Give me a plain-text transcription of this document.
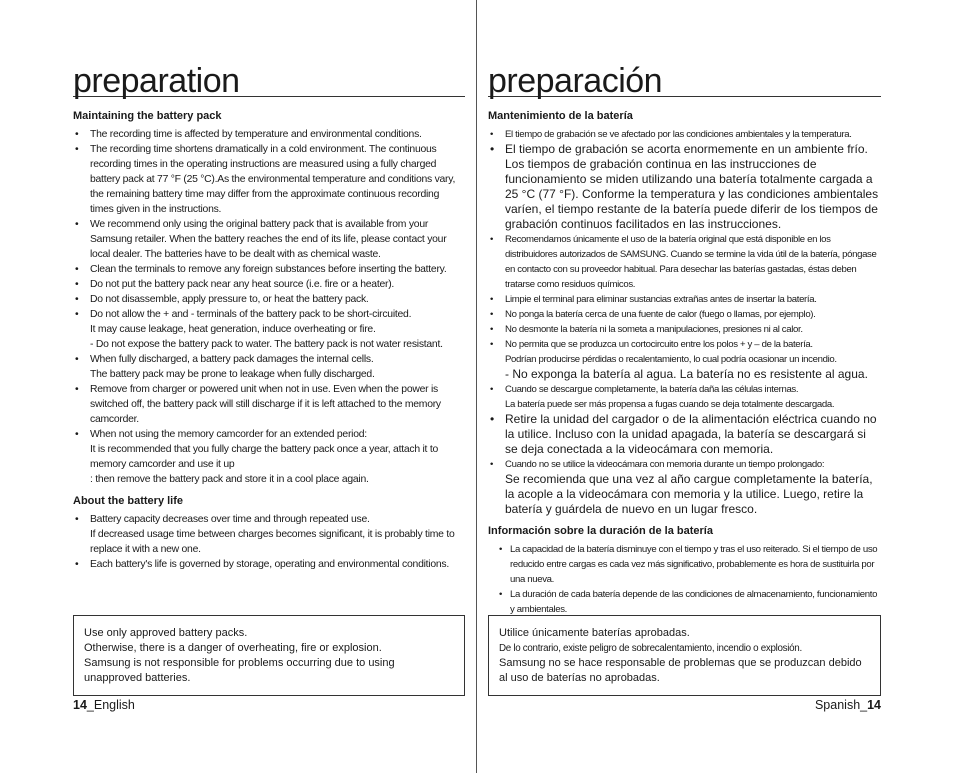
preparation
Maintaining the battery pack
• The recording time is affected by temperature and environmental conditions.
• The recording time shortens dramatically in a cold environment. The continuous recording times in the operating instructions are measured using a fully charged battery pack at 77 °F (25 °C).As the environmental temperature and conditions vary, the remaining battery time may differ from the approximate continuous recording times given in the instructions.
• We recommend only using the original battery pack that is available from your Samsung retailer. When the battery reaches the end of its life, please contact your local dealer. The batteries have to be dealt with as chemical waste.
• Clean the terminals to remove any foreign substances before inserting the battery.
• Do not put the battery pack near any heat source (i.e. fire or a heater).
• Do not disassemble, apply pressure to, or heat the battery pack.
• Do not allow the + and - terminals of the battery pack to be short-circuited.
It may cause leakage, heat generation, induce overheating or fire.
- Do not expose the battery pack to water. The battery pack is not water resistant.
• When fully discharged, a battery pack damages the internal cells.
The battery pack may be prone to leakage when fully discharged.
• Remove from charger or powered unit when not in use. Even when the power is switched off, the battery pack will still discharge if it is left attached to the memory camcorder.
• When not using the memory camcorder for an extended period:
It is recommended that you fully charge the battery pack once a year, attach it to memory camcorder and use it up
: then remove the battery pack and store it in a cool place again.
About the battery life
• Battery capacity decreases over time and through repeated use.
If decreased usage time between charges becomes significant, it is probably time to replace it with a new one.
• Each battery's life is governed by storage, operating and environmental conditions.
Use only approved battery packs.
Otherwise, there is a danger of overheating, fire or explosion.
Samsung is not responsible for problems occurring due to using unapproved batteries.
14_English
preparación
Mantenimiento de la batería
• El tiempo de grabación se ve afectado por las condiciones ambientales y la temperatura.
• El tiempo de grabación se acorta enormemente en un ambiente frío. Los tiempos de grabación continua en las instrucciones de funcionamiento se miden utilizando una batería totalmente cargada a 25 °C (77 °F). Conforme la temperatura y las condiciones ambientales varíen, el tiempo restante de la batería puede diferir de los tiempos de grabación continuos facilitados en las instrucciones.
• Recomendamos únicamente el uso de la batería original que está disponible en los distribuidores autorizados de SAMSUNG. Cuando se termine la vida útil de la batería, póngase en contacto con su proveedor habitual. Para desechar las baterías gastadas, éstas deben tratarse como residuos químicos.
• Limpie el terminal para eliminar sustancias extrañas antes de insertar la batería.
• No ponga la batería cerca de una fuente de calor (fuego o llamas, por ejemplo).
• No desmonte la batería ni la someta a manipulaciones, presiones ni al calor.
• No permita que se produzca un cortocircuito entre los polos + y – de la batería.
Podrían producirse pérdidas o recalentamiento, lo cual podría ocasionar un incendio.
- No exponga la batería al agua. La batería no es resistente al agua.
• Cuando se descargue completamente, la batería daña las células internas.
La batería puede ser más propensa a fugas cuando se deja totalmente descargada.
• Retire la unidad del cargador o de la alimentación eléctrica cuando no la utilice. Incluso con la unidad apagada, la batería se descargará si se deja conectada a la videocámara con memoria.
• Cuando no se utilice la videocámara con memoria durante un tiempo prolongado:
Se recomienda que una vez al año cargue completamente la batería, la acople a la videocámara con memoria y la utilice. Luego, retire la batería y guárdela de nuevo en un lugar fresco.
Información sobre la duración de la batería
• La capacidad de la batería disminuye con el tiempo y tras el uso reiterado. Si el tiempo de uso reducido entre cargas es cada vez más significativo, probablemente es hora de sustituirla por una nueva.
• La duración de cada batería depende de las condiciones de almacenamiento, funcionamiento y ambientales.
Utilice únicamente baterías aprobadas.
De lo contrario, existe peligro de sobrecalentamiento, incendio o explosión.
Samsung no se hace responsable de problemas que se produzcan debido al uso de baterías no aprobadas.
Spanish_14
